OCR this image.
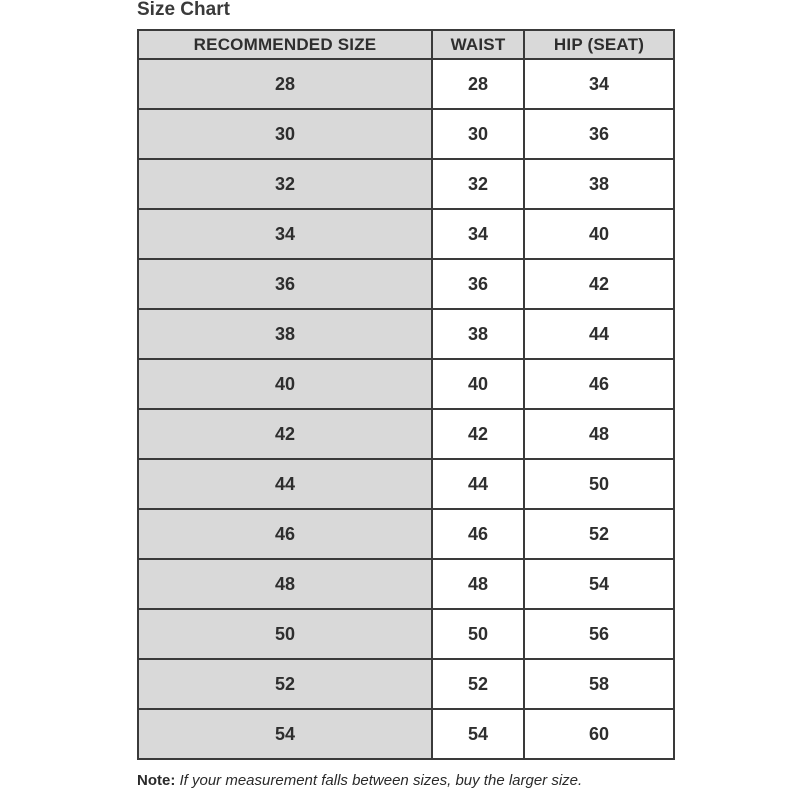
Size Chart
RECOMMENDED SIZE	WAIST	HIP (SEAT)
28	28	34
30	30	36
32	32	38
34	34	40
36	36	42
38	38	44
40	40	46
42	42	48
44	44	50
46	46	52
48	48	54
50	50	56
52	52	58
54	54	60
Note: If your measurement falls between sizes, buy the larger size.
